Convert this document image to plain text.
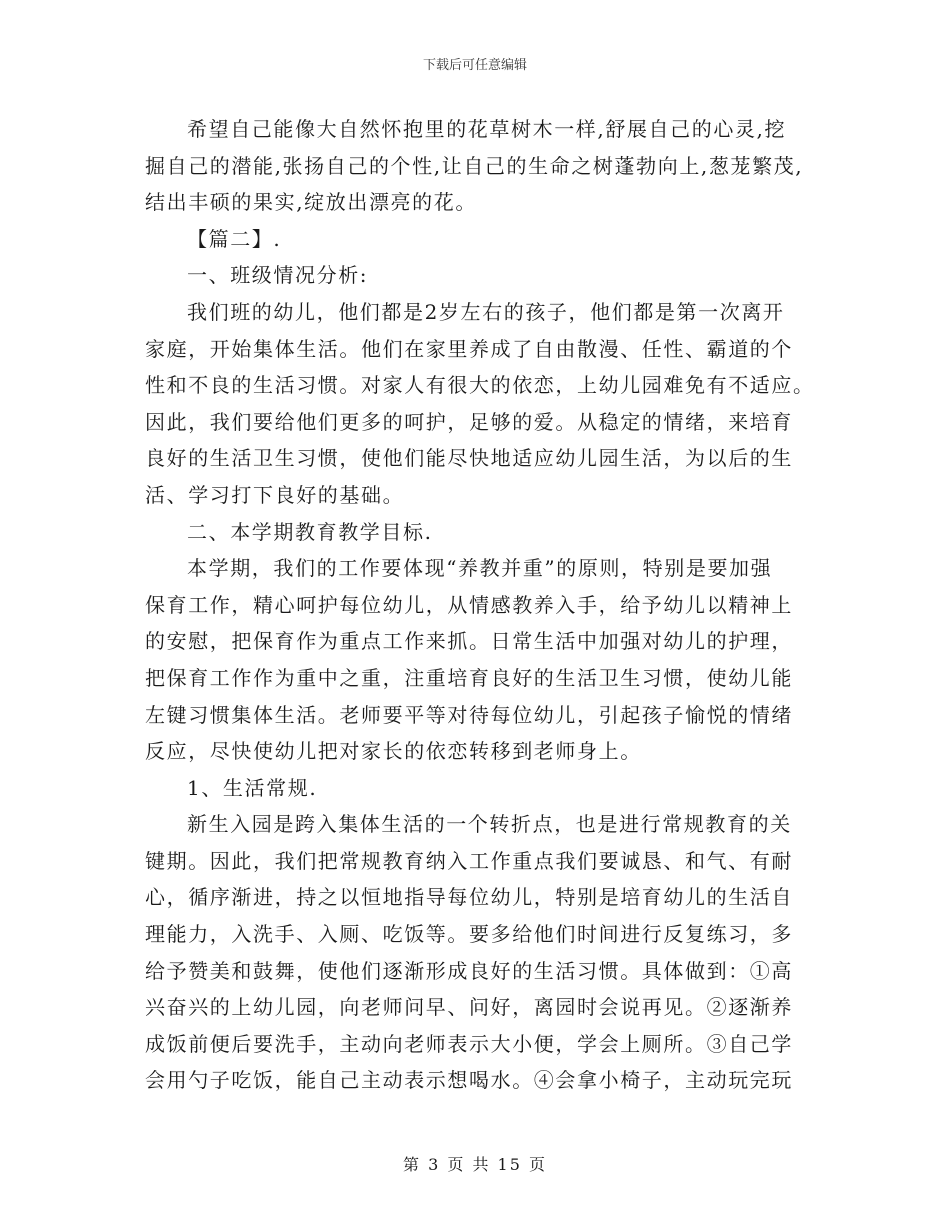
下载后可任意编辑
希望自己能像大自然怀抱里的花草树木一样,舒展自己的心灵,挖
掘自己的潜能,张扬自己的个性,让自己的生命之树蓬勃向上,葱茏繁茂,
结出丰硕的果实,绽放出漂亮的花。
【篇二】.
一、班级情况分析:
我们班的幼儿，他们都是2岁左右的孩子，他们都是第一次离开
家庭，开始集体生活。他们在家里养成了自由散漫、任性、霸道的个
性和不良的生活习惯。对家人有很大的依恋，上幼儿园难免有不适应。
因此，我们要给他们更多的呵护，足够的爱。从稳定的情绪，来培育
良好的生活卫生习惯，使他们能尽快地适应幼儿园生活，为以后的生
活、学习打下良好的基础。
二、本学期教育教学目标.
本学期，我们的工作要体现“养教并重”的原则，特别是要加强
保育工作，精心呵护每位幼儿，从情感教养入手，给予幼儿以精神上
的安慰，把保育作为重点工作来抓。日常生活中加强对幼儿的护理，
把保育工作作为重中之重，注重培育良好的生活卫生习惯，使幼儿能
左键习惯集体生活。老师要平等对待每位幼儿，引起孩子愉悦的情绪
反应，尽快使幼儿把对家长的依恋转移到老师身上。
1、生活常规.
新生入园是跨入集体生活的一个转折点，也是进行常规教育的关
键期。因此，我们把常规教育纳入工作重点我们要诚恳、和气、有耐
心，循序渐进，持之以恒地指导每位幼儿，特别是培育幼儿的生活自
理能力，入洗手、入厕、吃饭等。要多给他们时间进行反复练习，多
给予赞美和鼓舞，使他们逐渐形成良好的生活习惯。具体做到：①高
兴奋兴的上幼儿园，向老师问早、问好，离园时会说再见。②逐渐养
成饭前便后要洗手，主动向老师表示大小便，学会上厕所。③自己学
会用勺子吃饭，能自己主动表示想喝水。④会拿小椅子，主动玩完玩
第 3 页 共 15 页
